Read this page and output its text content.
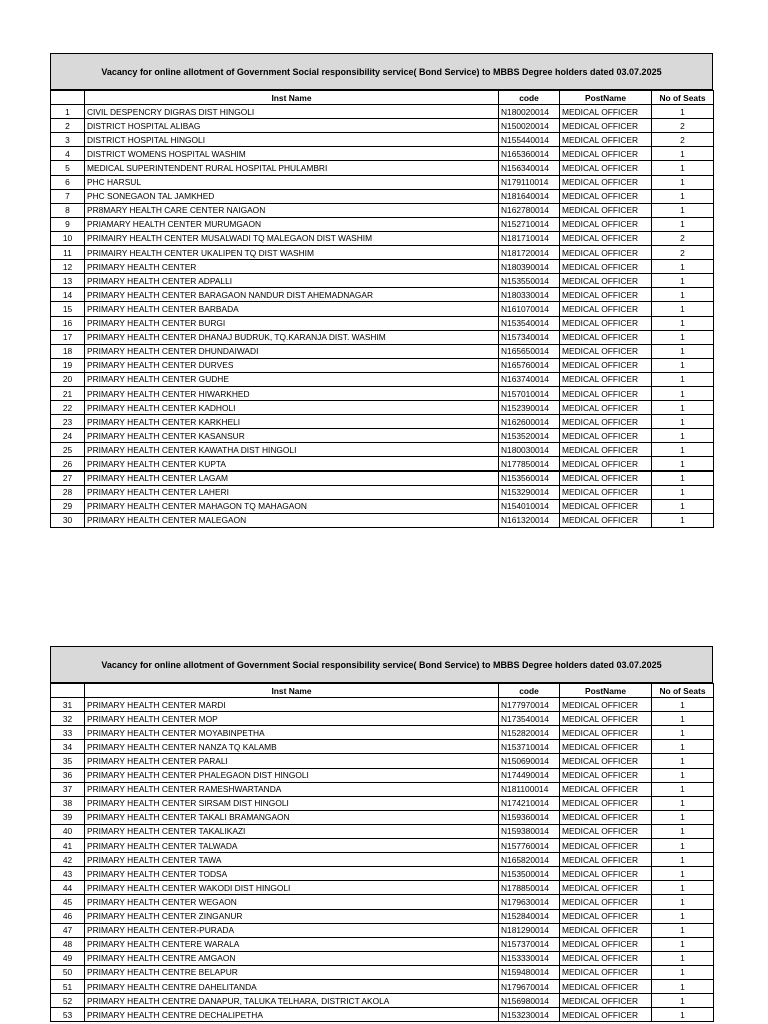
Vacancy for online allotment of Government Social responsibility service( Bond Service) to MBBS Degree holders dated 03.07.2025
	Inst Name	code	PostName	No of Seats
1	CIVIL DESPENCRY DIGRAS DIST HINGOLI	N180020014	MEDICAL OFFICER	1
2	DISTRICT HOSPITAL ALIBAG	N150020014	MEDICAL OFFICER	2
3	DISTRICT HOSPITAL HINGOLI	N155440014	MEDICAL OFFICER	2
4	DISTRICT WOMENS HOSPITAL WASHIM	N165360014	MEDICAL OFFICER	1
5	MEDICAL SUPERINTENDENT RURAL HOSPITAL PHULAMBRI	N156340014	MEDICAL OFFICER	1
6	PHC HARSUL	N179110014	MEDICAL OFFICER	1
7	PHC SONEGAON TAL JAMKHED	N181640014	MEDICAL OFFICER	1
8	PR8MARY HEALTH CARE CENTER NAIGAON	N162780014	MEDICAL OFFICER	1
9	PRIAMARY HEALTH CENTER MURUMGAON	N152710014	MEDICAL OFFICER	1
10	PRIMAIRY HEALTH CENTER MUSALWADI TQ MALEGAON DIST WASHIM	N181710014	MEDICAL OFFICER	2
11	PRIMAIRY HEALTH CENTER UKALIPEN TQ DIST WASHIM	N181720014	MEDICAL OFFICER	2
12	PRIMARY HEALTH CENTER	N180390014	MEDICAL OFFICER	1
13	PRIMARY HEALTH CENTER ADPALLI	N153550014	MEDICAL OFFICER	1
14	PRIMARY HEALTH CENTER BARAGAON NANDUR DIST AHEMADNAGAR	N180330014	MEDICAL OFFICER	1
15	PRIMARY HEALTH CENTER BARBADA	N161070014	MEDICAL OFFICER	1
16	PRIMARY HEALTH CENTER BURGI	N153540014	MEDICAL OFFICER	1
17	PRIMARY HEALTH CENTER DHANAJ BUDRUK, TQ.KARANJA DIST. WASHIM	N157340014	MEDICAL OFFICER	1
18	PRIMARY HEALTH CENTER DHUNDAIWADI	N165650014	MEDICAL OFFICER	1
19	PRIMARY HEALTH CENTER DURVES	N165760014	MEDICAL OFFICER	1
20	PRIMARY HEALTH CENTER GUDHE	N163740014	MEDICAL OFFICER	1
21	PRIMARY HEALTH CENTER HIWARKHED	N157010014	MEDICAL OFFICER	1
22	PRIMARY HEALTH CENTER KADHOLI	N152390014	MEDICAL OFFICER	1
23	PRIMARY HEALTH CENTER KARKHELI	N162600014	MEDICAL OFFICER	1
24	PRIMARY HEALTH CENTER KASANSUR	N153520014	MEDICAL OFFICER	1
25	PRIMARY HEALTH CENTER KAWATHA DIST HINGOLI	N180030014	MEDICAL OFFICER	1
26	PRIMARY HEALTH CENTER KUPTA	N177850014	MEDICAL OFFICER	1
27	PRIMARY HEALTH CENTER LAGAM	N153560014	MEDICAL OFFICER	1
28	PRIMARY HEALTH CENTER LAHERI	N153290014	MEDICAL OFFICER	1
29	PRIMARY HEALTH CENTER MAHAGON TQ MAHAGAON	N154010014	MEDICAL OFFICER	1
30	PRIMARY HEALTH CENTER MALEGAON	N161320014	MEDICAL OFFICER	1
Vacancy for online allotment of Government Social responsibility service( Bond Service) to MBBS Degree holders dated 03.07.2025
	Inst Name	code	PostName	No of Seats
31	PRIMARY HEALTH CENTER MARDI	N177970014	MEDICAL OFFICER	1
32	PRIMARY HEALTH CENTER MOP	N173540014	MEDICAL OFFICER	1
33	PRIMARY HEALTH CENTER MOYABINPETHA	N152820014	MEDICAL OFFICER	1
34	PRIMARY HEALTH CENTER NANZA TQ KALAMB	N153710014	MEDICAL OFFICER	1
35	PRIMARY HEALTH CENTER PARALI	N150690014	MEDICAL OFFICER	1
36	PRIMARY HEALTH CENTER PHALEGAON DIST HINGOLI	N174490014	MEDICAL OFFICER	1
37	PRIMARY HEALTH CENTER RAMESHWARTANDA	N181100014	MEDICAL OFFICER	1
38	PRIMARY HEALTH CENTER SIRSAM DIST HINGOLI	N174210014	MEDICAL OFFICER	1
39	PRIMARY HEALTH CENTER TAKALI BRAMANGAON	N159360014	MEDICAL OFFICER	1
40	PRIMARY HEALTH CENTER TAKALIKAZI	N159380014	MEDICAL OFFICER	1
41	PRIMARY HEALTH CENTER TALWADA	N157760014	MEDICAL OFFICER	1
42	PRIMARY HEALTH CENTER TAWA	N165820014	MEDICAL OFFICER	1
43	PRIMARY HEALTH CENTER TODSA	N153500014	MEDICAL OFFICER	1
44	PRIMARY HEALTH CENTER WAKODI DIST HINGOLI	N178850014	MEDICAL OFFICER	1
45	PRIMARY HEALTH CENTER WEGAON	N179630014	MEDICAL OFFICER	1
46	PRIMARY HEALTH CENTER ZINGANUR	N152840014	MEDICAL OFFICER	1
47	PRIMARY HEALTH CENTER-PURADA	N181290014	MEDICAL OFFICER	1
48	PRIMARY HEALTH CENTERE WARALA	N157370014	MEDICAL OFFICER	1
49	PRIMARY HEALTH CENTRE AMGAON	N153330014	MEDICAL OFFICER	1
50	PRIMARY HEALTH CENTRE BELAPUR	N159480014	MEDICAL OFFICER	1
51	PRIMARY HEALTH CENTRE DAHELITANDA	N179670014	MEDICAL OFFICER	1
52	PRIMARY HEALTH CENTRE DANAPUR, TALUKA TELHARA, DISTRICT AKOLA	N156980014	MEDICAL OFFICER	1
53	PRIMARY HEALTH CENTRE DECHALIPETHA	N153230014	MEDICAL OFFICER	1
